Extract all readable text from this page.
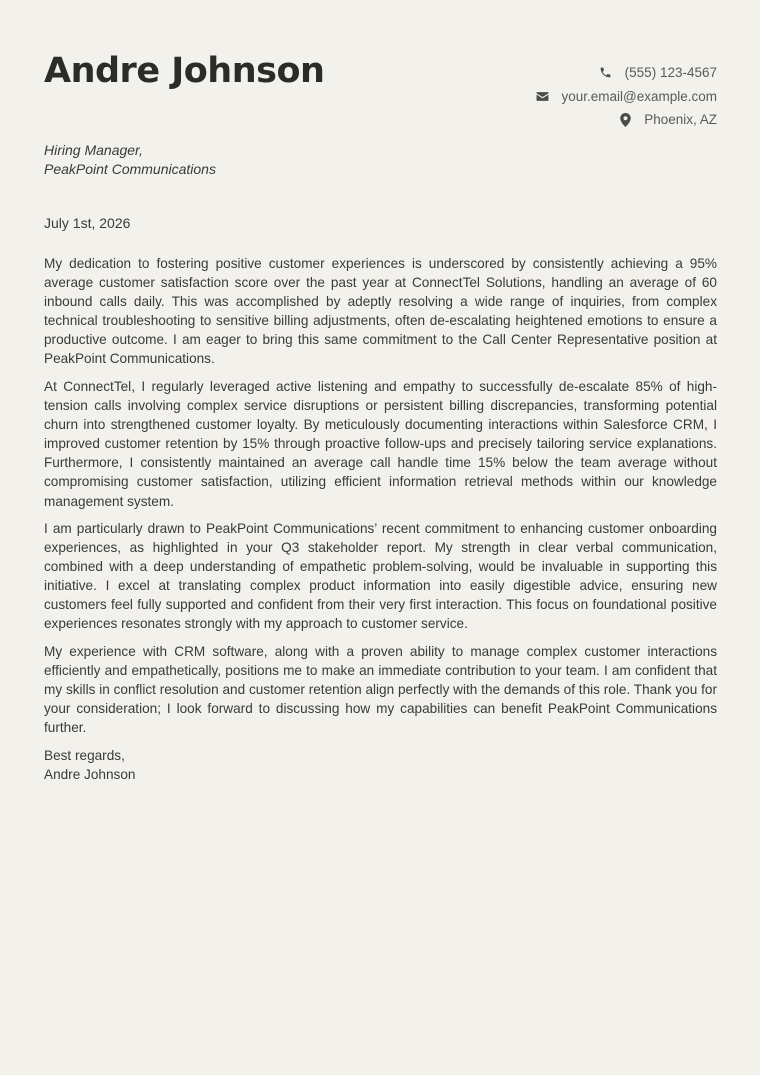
Andre Johnson	(555) 123-4567
your.email@example.com
Phoenix, AZ
Hiring Manager,
PeakPoint Communications
July 1st, 2026

My dedication to fostering positive customer experiences is underscored by consistently achieving a 95% average customer satisfaction score over the past year at ConnectTel Solutions, handling an average of 60 inbound calls daily. This was accomplished by adeptly resolving a wide range of inquiries, from complex technical troubleshooting to sensitive billing adjustments, often de-escalating heightened emotions to ensure a productive outcome. I am eager to bring this same commitment to the Call Center Representative position at PeakPoint Communications.

At ConnectTel, I regularly leveraged active listening and empathy to successfully de-escalate 85% of high-tension calls involving complex service disruptions or persistent billing discrepancies, transforming potential churn into strengthened customer loyalty. By meticulously documenting interactions within Salesforce CRM, I improved customer retention by 15% through proactive follow-ups and precisely tailoring service explanations. Furthermore, I consistently maintained an average call handle time 15% below the team average without compromising customer satisfaction, utilizing efficient information retrieval methods within our knowledge management system.

I am particularly drawn to PeakPoint Communications’ recent commitment to enhancing customer onboarding experiences, as highlighted in your Q3 stakeholder report. My strength in clear verbal communication, combined with a deep understanding of empathetic problem-solving, would be invaluable in supporting this initiative. I excel at translating complex product information into easily digestible advice, ensuring new customers feel fully supported and confident from their very first interaction. This focus on foundational positive experiences resonates strongly with my approach to customer service.

My experience with CRM software, along with a proven ability to manage complex customer interactions efficiently and empathetically, positions me to make an immediate contribution to your team. I am confident that my skills in conflict resolution and customer retention align perfectly with the demands of this role. Thank you for your consideration; I look forward to discussing how my capabilities can benefit PeakPoint Communications further.

Best regards,
Andre Johnson
